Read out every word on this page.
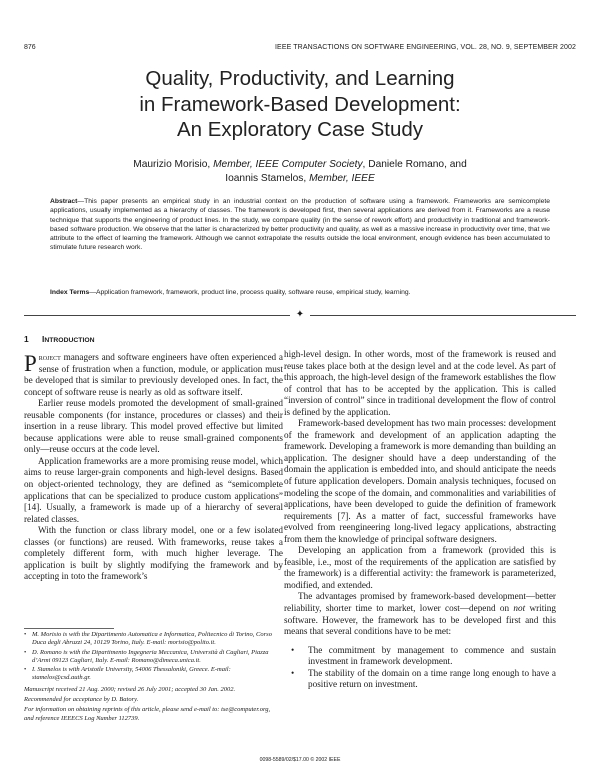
876	IEEE TRANSACTIONS ON SOFTWARE ENGINEERING, VOL. 28, NO. 9, SEPTEMBER 2002
Quality, Productivity, and Learning
in Framework-Based Development:
An Exploratory Case Study
Maurizio Morisio, Member, IEEE Computer Society, Daniele Romano, and
Ioannis Stamelos, Member, IEEE
Abstract—This paper presents an empirical study in an industrial context on the production of software using a framework. Frameworks are semicomplete applications, usually implemented as a hierarchy of classes. The framework is developed first, then several applications are derived from it. Frameworks are a reuse technique that supports the engineering of product lines. In the study, we compare quality (in the sense of rework effort) and productivity in traditional and framework-based software production. We observe that the latter is characterized by better productivity and quality, as well as a massive increase in productivity over time, that we attribute to the effect of learning the framework. Although we cannot extrapolate the results outside the local environment, enough evidence has been accumulated to stimulate future research work.
Index Terms—Application framework, framework, product line, process quality, software reuse, empirical study, learning.
✦
1 INTRODUCTION

Project managers and software engineers have often experienced a sense of frustration when a function, module, or application must be developed that is similar to previously developed ones. In fact, the concept of software reuse is nearly as old as software itself.

Earlier reuse models promoted the development of small-grained reusable components (for instance, procedures or classes) and their insertion in a reuse library. This model proved effective but limited because applications were able to reuse small-grained components only—reuse occurs at the code level.

Application frameworks are a more promising reuse model, which aims to reuse larger-grain components and high-level designs. Based on object-oriented technology, they are defined as “semicomplete applications that can be specialized to produce custom applications” [14]. Usually, a framework is made up of a hierarchy of several related classes.

With the function or class library model, one or a few isolated classes (or functions) are reused. With frameworks, reuse takes a completely different form, with much higher leverage. The application is built by slightly modifying the framework and by accepting in toto the framework’s

• M. Morisio is with the Dipartimento Automatica e Informatica, Politecnico di Torino, Corso Duca degli Abruzzi 24, 10129 Torino, Italy. E-mail: morisio@polito.it.
• D. Romano is with the Dipartimento Ingegneria Meccanica, Università di Cagliari, Piazza d’Armi 09123 Cagliari, Italy. E-mail: Romano@dimeca.unica.it.
• I. Stamelos is with Aristotle University, 54006 Thessaloniki, Greece. E-mail: stamelos@csd.auth.gr.
Manuscript received 21 Aug. 2000; revised 26 July 2001; accepted 30 Jan. 2002.
Recommended for acceptance by D. Batory.
For information on obtaining reprints of this article, please send e-mail to: tse@computer.org, and reference IEEECS Log Number 112739.

high-level design. In other words, most of the framework is reused and reuse takes place both at the design level and at the code level. As part of this approach, the high-level design of the framework establishes the flow of control that has to be accepted by the application. This is called “inversion of control” since in traditional development the flow of control is defined by the application.

Framework-based development has two main processes: development of the framework and development of an application adapting the framework. Developing a framework is more demanding than building an application. The designer should have a deep understanding of the domain the application is embedded into, and should anticipate the needs of future application developers. Domain analysis techniques, focused on modeling the scope of the domain, and commonalities and variabilities of applications, have been developed to guide the definition of framework requirements [7]. As a matter of fact, successful frameworks have evolved from reengineering long-lived legacy applications, abstracting from them the knowledge of principal software designers.

Developing an application from a framework (provided this is feasible, i.e., most of the requirements of the application are satisfied by the framework) is a differential activity: the framework is parameterized, modified, and extended.

The advantages promised by framework-based development—better reliability, shorter time to market, lower cost—depend on not writing software. However, the framework has to be developed first and this means that several conditions have to be met:

• The commitment by management to commence and sustain investment in framework development.
• The stability of the domain on a time range long enough to have a positive return on investment.
0098-5589/02/$17.00 © 2002 IEEE
